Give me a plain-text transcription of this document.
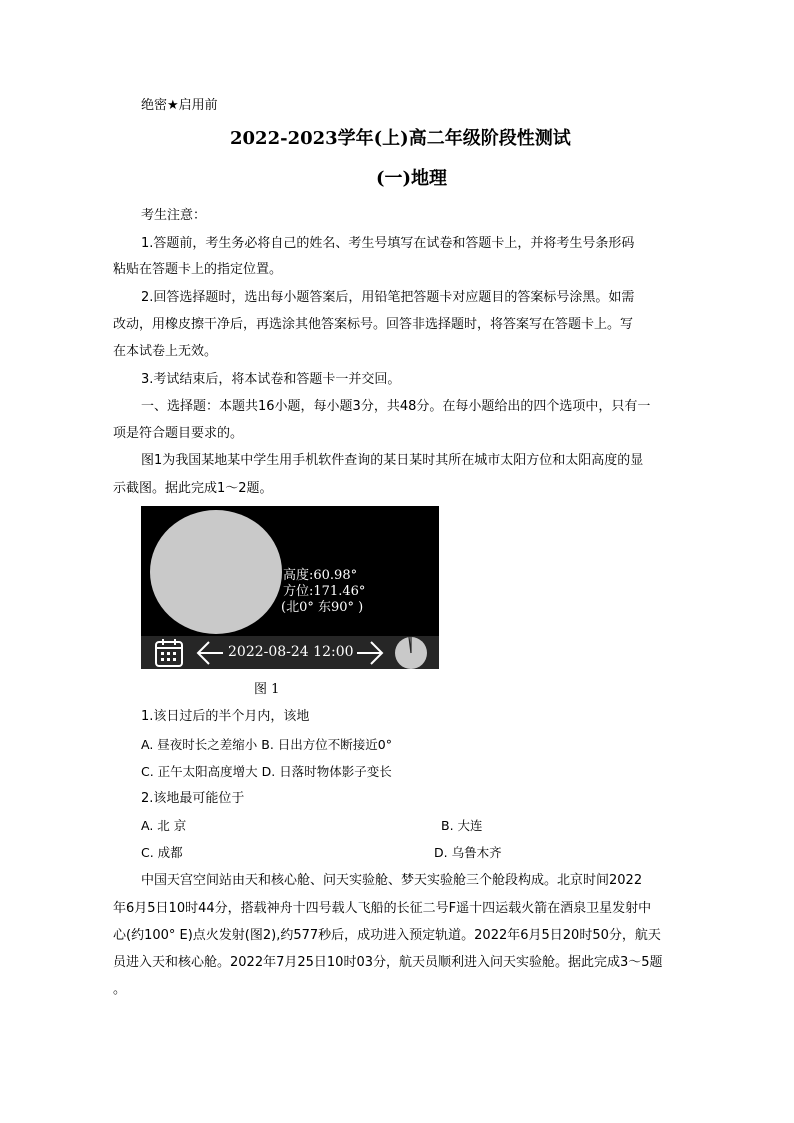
绝密★启用前
2022-2023学年(上)高二年级阶段性测试
(一)地理
考生注意：
1.答题前，考生务必将自己的姓名、考生号填写在试卷和答题卡上，并将考生号条形码
粘贴在答题卡上的指定位置。
2.回答选择题时，选出每小题答案后，用铅笔把答题卡对应题目的答案标号涂黑。如需
改动，用橡皮擦干净后，再选涂其他答案标号。回答非选择题时，将答案写在答题卡上。写
在本试卷上无效。
3.考试结束后，将本试卷和答题卡一并交回。
一、选择题：本题共16小题，每小题3分，共48分。在每小题给出的四个选项中，只有一
项是符合题目要求的。
图1为我国某地某中学生用手机软件查询的某日某时其所在城市太阳方位和太阳高度的显
示截图。据此完成1～2题。
高度:60.98°
方位:171.46°
(北0° 东90° )
2022-08-24 12:00
图 1
1.该日过后的半个月内，该地
A. 昼夜时长之差缩小 B. 日出方位不断接近0°
C. 正午太阳高度增大 D. 日落时物体影子变长
2.该地最可能位于
A. 北 京	B. 大连
C. 成都	D. 乌鲁木齐
中国天宫空间站由天和核心舱、问天实验舱、梦天实验舱三个舱段构成。北京时间2022
年6月5日10时44分，搭载神舟十四号载人飞船的长征二号F遥十四运载火箭在酒泉卫星发射中
心(约100° E)点火发射(图2),约577秒后，成功进入预定轨道。2022年6月5日20时50分，航天
员进入天和核心舱。2022年7月25日10时03分，航天员顺利进入问天实验舱。据此完成3～5题
。
